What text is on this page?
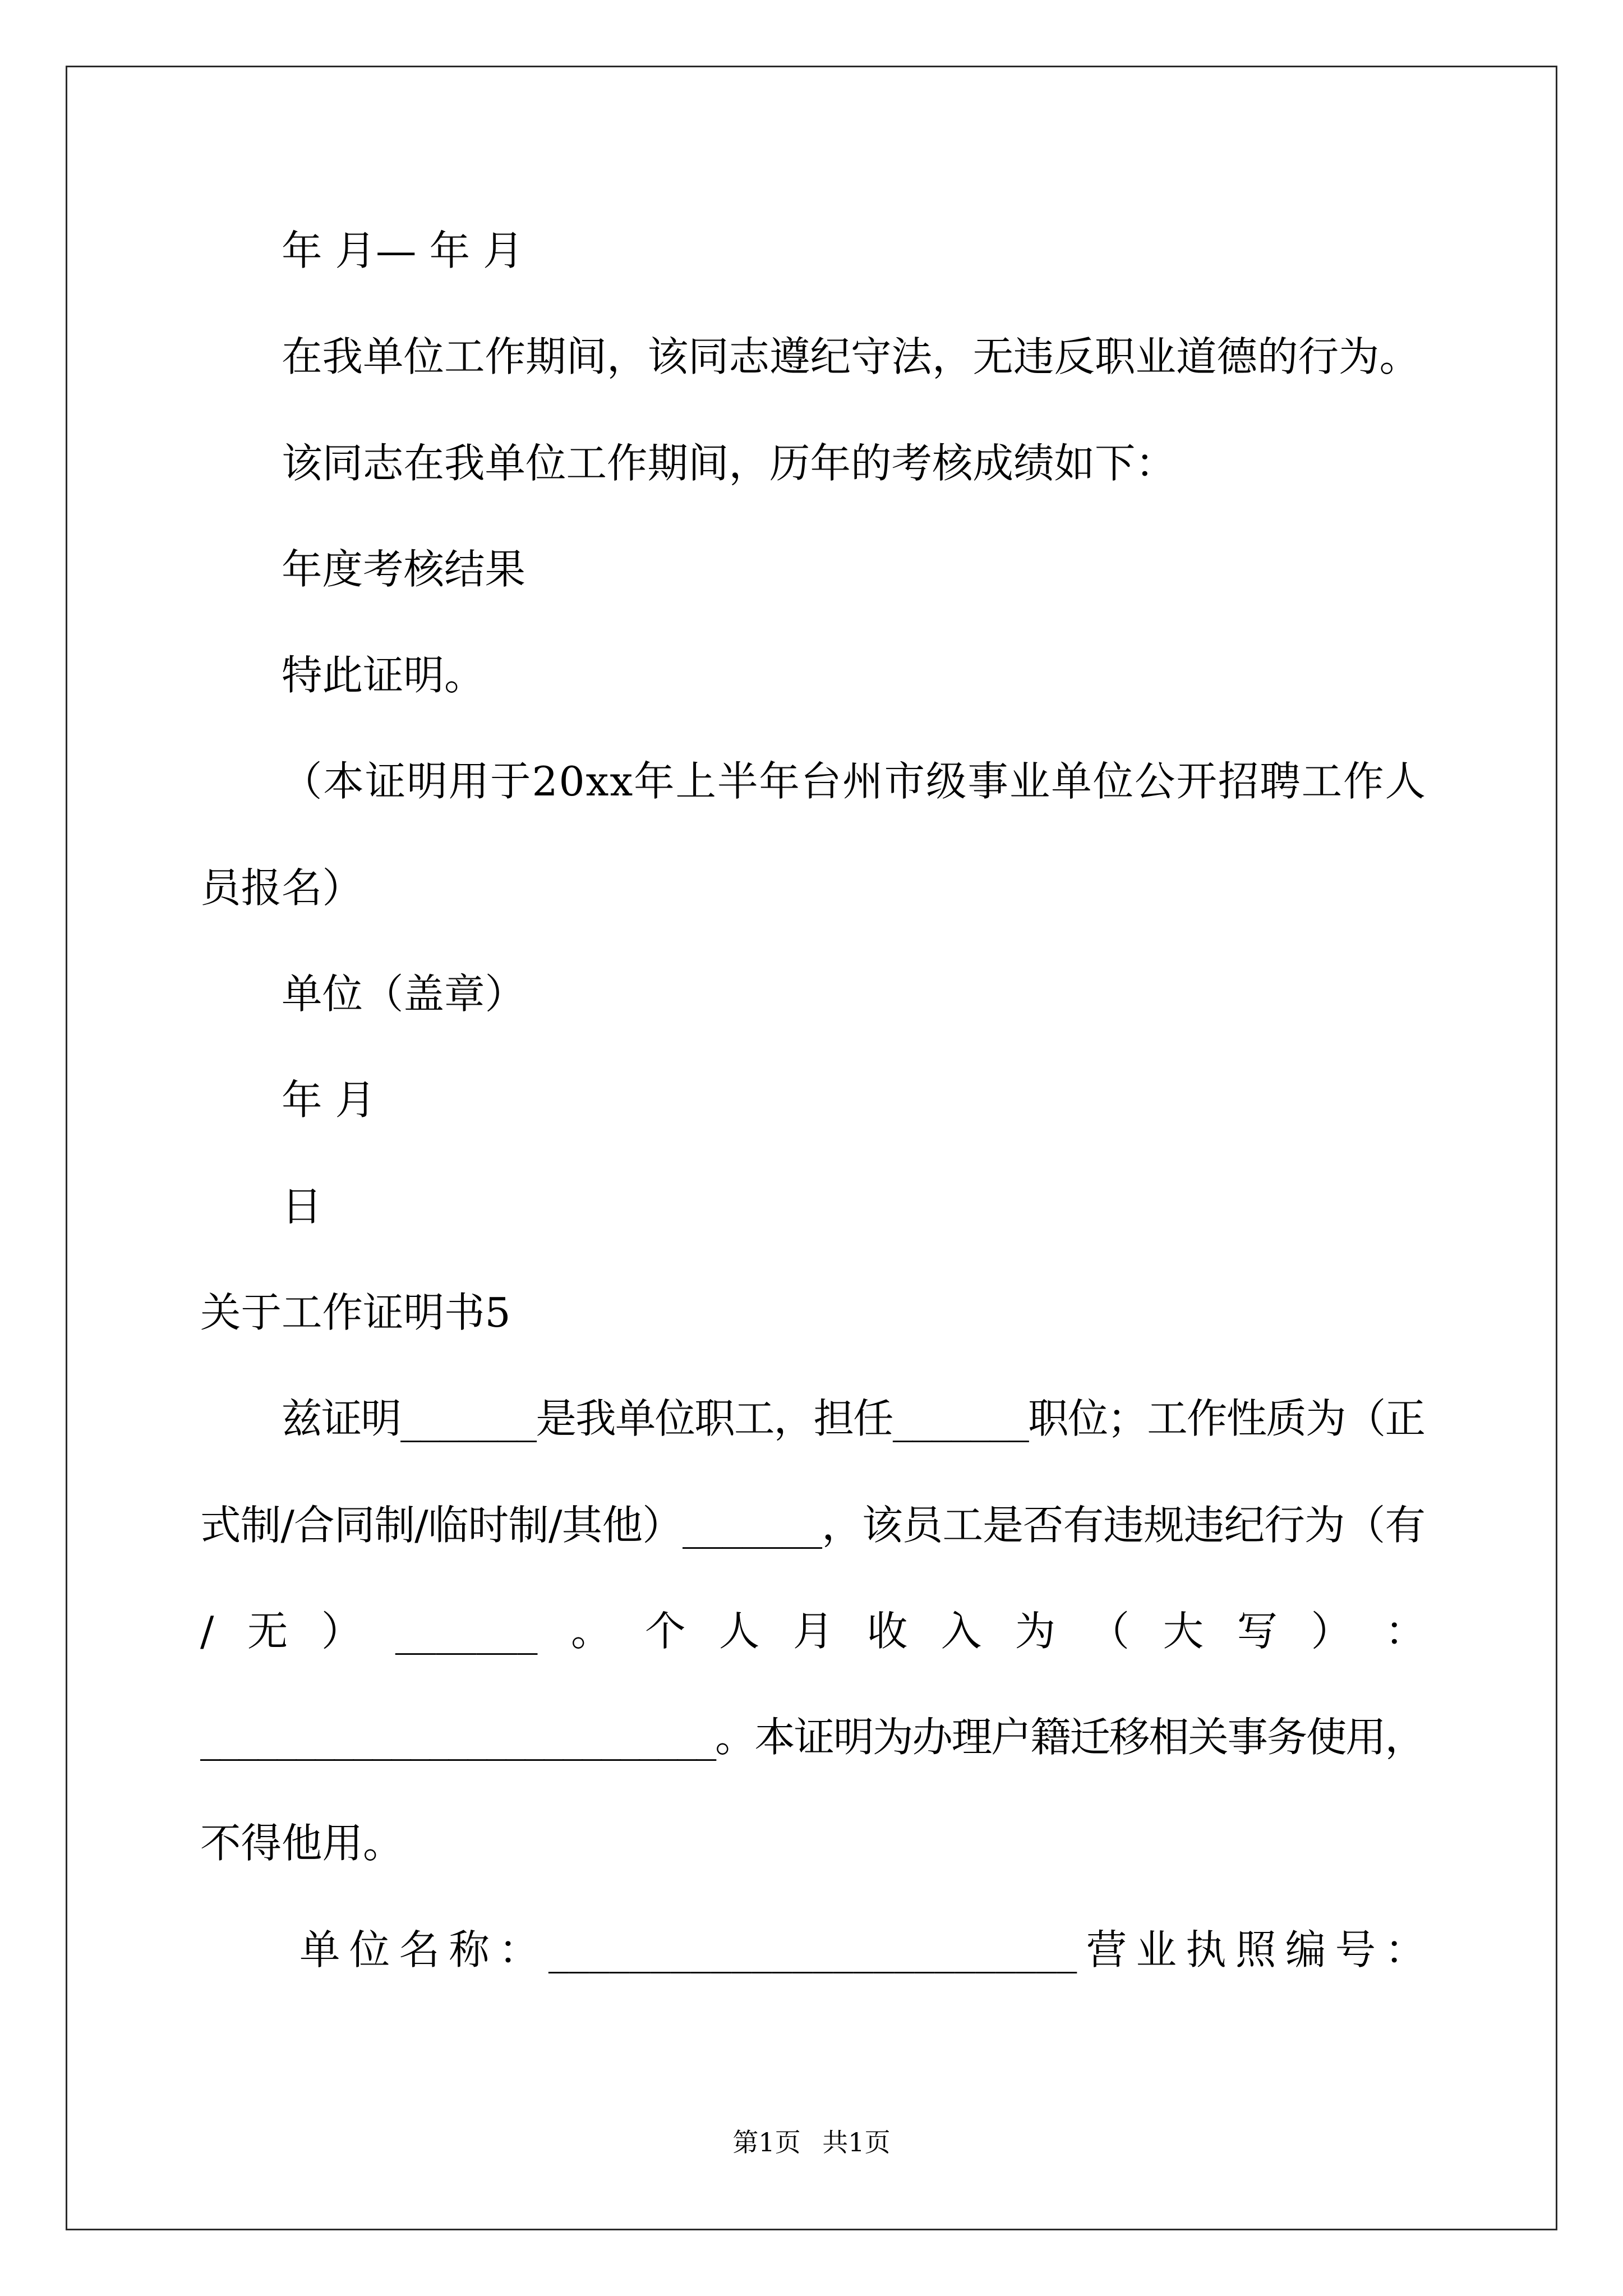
年 月— 年 月
在我单位工作期间，该同志遵纪守法，无违反职业道德的行为。
该同志在我单位工作期间，历年的考核成绩如下：
年度考核结果
特此证明。
（本证明用于20xx年上半年台州市级事业单位公开招聘工作人
员报名）
单位（盖章）
年 月
日
关于工作证明书5
兹证明_______是我单位职工，担任_______职位；工作性质为（正
式制/合同制/临时制/其他）_______，该员工是否有违规违纪行为（有
/ 无 ） _______ 。 个 人 月 收 入 为 （ 大 写 ） ：
___________________________。本证明为办理户籍迁移相关事务使用，
不得他用。
单 位 名 称 ： __________________________ 营 业 执 照 编 号 ：
第1页 共1页
